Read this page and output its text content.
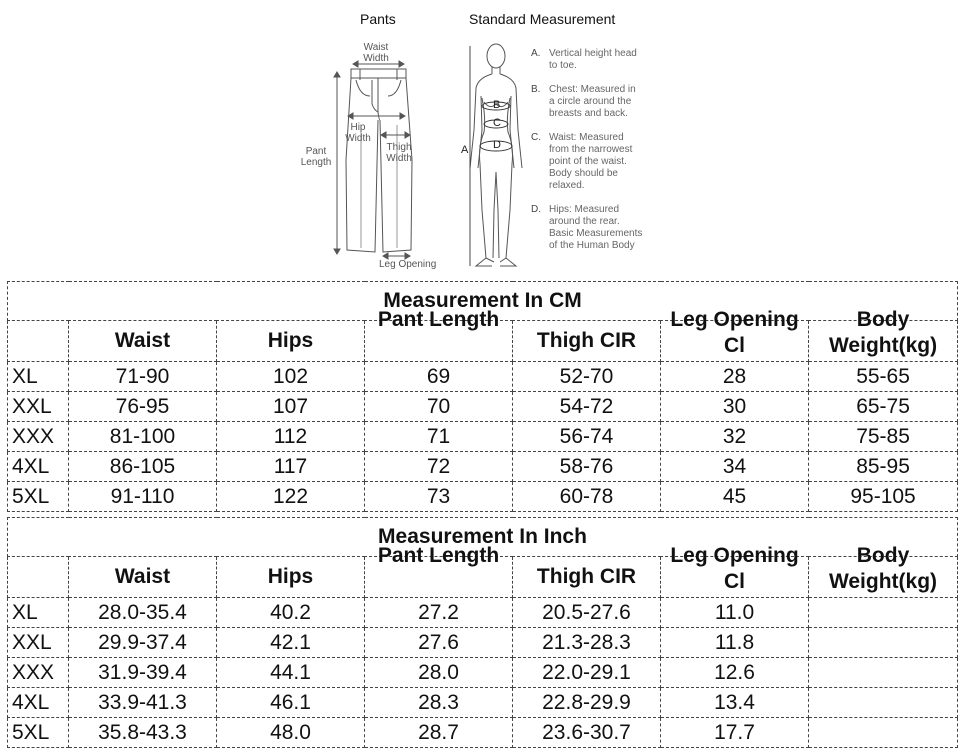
Pants	Standard Measurement
Waist
Width
Hip
Width
Thigh
Width
Pant
Length
Leg Opening
A
B
C
D
A. Vertical height head
to toe.
B. Chest: Measured in
a circle around the
breasts and back.
C. Waist: Measured
from the narrowest
point of the waist.
Body should be
relaxed.
D. Hips: Measured
around the rear.
Basic Measurements
of the Human Body
Measurement In CM						

	Waist	Hips	Pant Length	Thigh CIR	Leg Opening Cl	Body Weight(kg)

XL	71-90	102	69	52-70	28	55-65
XXL	76-95	107	70	54-72	30	65-75
XXX	81-100	112	71	56-74	32	75-85
4XL	86-105	117	72	58-76	34	85-95
5XL	91-110	122	73	60-78	45	95-105
Measurement In Inch						

	Waist	Hips	Pant Length	Thigh CIR	Leg Opening Cl	Body Weight(kg)

XL	28.0-35.4	40.2	27.2	20.5-27.6	11.0	
XXL	29.9-37.4	42.1	27.6	21.3-28.3	11.8	
XXX	31.9-39.4	44.1	28.0	22.0-29.1	12.6	
4XL	33.9-41.3	46.1	28.3	22.8-29.9	13.4	
5XL	35.8-43.3	48.0	28.7	23.6-30.7	17.7	
